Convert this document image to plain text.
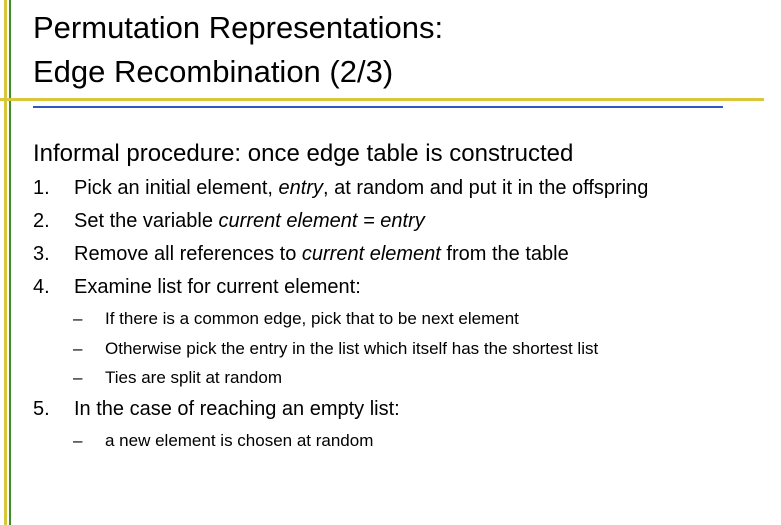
Permutation Representations:
Edge Recombination (2/3)

Informal procedure: once edge table is constructed

1. Pick an initial element, entry, at random and put it in the offspring
2. Set the variable current element = entry
3. Remove all references to current element from the table
4. Examine list for current element:
– If there is a common edge, pick that to be next element
– Otherwise pick the entry in the list which itself has the shortest list
– Ties are split at random
5. In the case of reaching an empty list:
– a new element is chosen at random
